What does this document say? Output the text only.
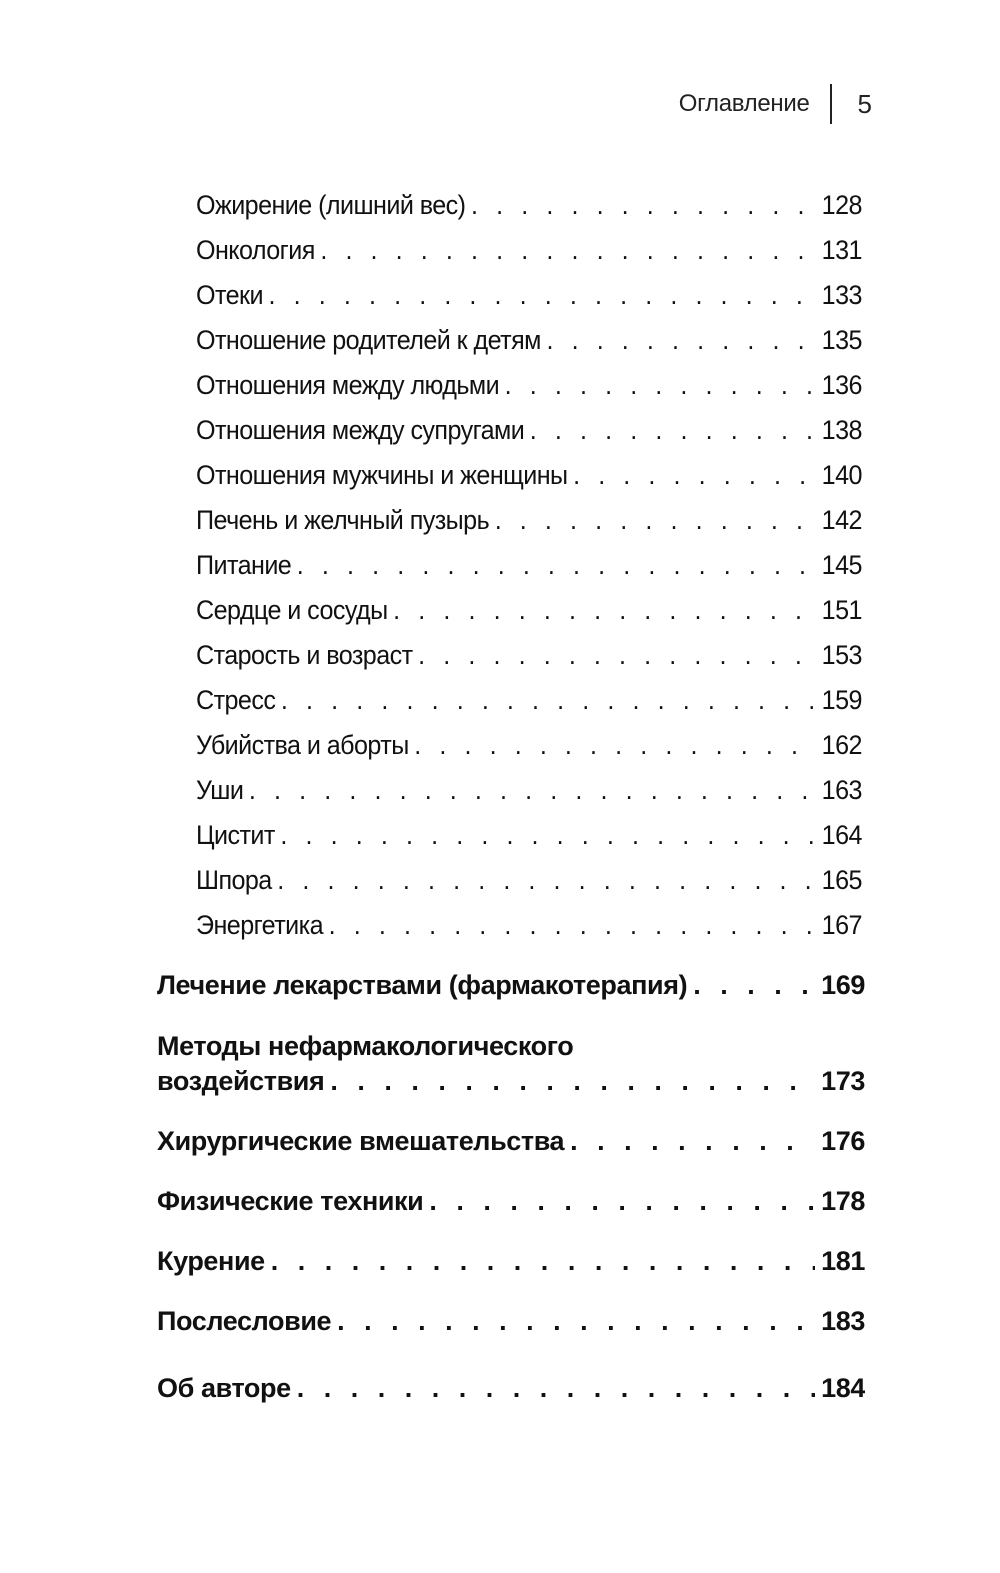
Оглавление 5
Ожирение (лишний вес) . . .	128
Онкология . . .	131
Отеки . . .	133
Отношение родителей к детям . . .	135
Отношения между людьми . . .	136
Отношения между супругами . . .	138
Отношения мужчины и женщины . . .	140
Печень и желчный пузырь . . .	142
Питание . . .	145
Сердце и сосуды . . .	151
Старость и возраст . . .	153
Стресс . . .	159
Убийства и аборты . . .	162
Уши . . .	163
Цистит . . .	164
Шпора . . .	165
Энергетика . . .	167
Лечение лекарствами (фармакотерапия) . . .	169
Методы нефармакологического
воздействия . . .	173
Хирургические вмешательства . . .	176
Физические техники . . .	178
Курение . . .	181
Послесловие . . .	183
Об авторе . . .	184
